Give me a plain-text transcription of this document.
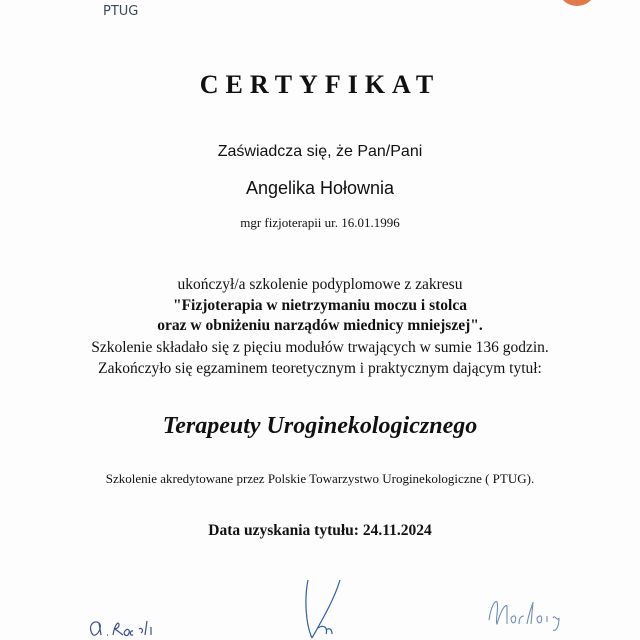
PTUG
CERTYFIKAT
Zaświadcza się, że Pan/Pani
Angelika Hołownia
mgr fizjoterapii ur. 16.01.1996
ukończył/a szkolenie podyplomowe z zakresu
"Fizjoterapia w nietrzymaniu moczu i stolca
oraz w obniżeniu narządów miednicy mniejszej".
Szkolenie składało się z pięciu modułów trwających w sumie 136 godzin.
Zakończyło się egzaminem teoretycznym i praktycznym dającym tytuł:
Terapeuty Uroginekologicznego
Szkolenie akredytowane przez Polskie Towarzystwo Uroginekologiczne ( PTUG).
Data uzyskania tytułu: 24.11.2024
